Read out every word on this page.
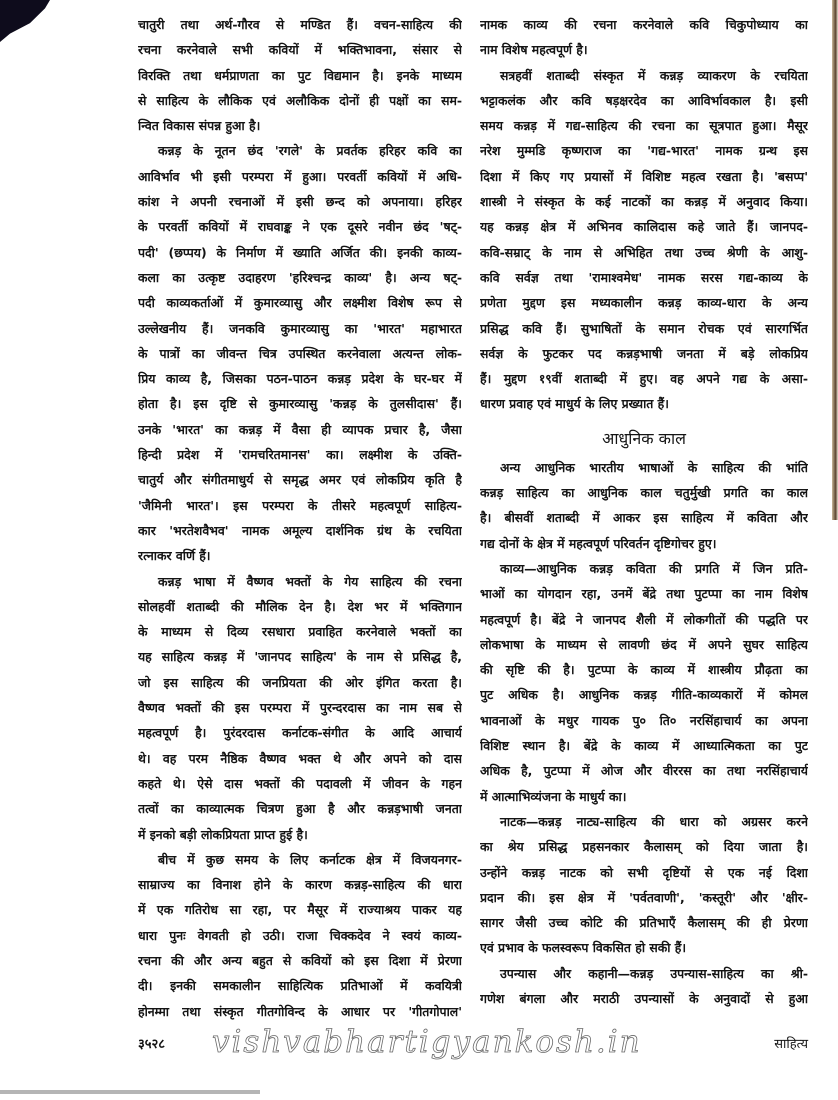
चातुरी तथा अर्थ-गौरव से मण्डित हैं। वचन-साहित्य की
रचना करनेवाले सभी कवियों में भक्तिभावना, संसार से
विरक्ति तथा धर्मप्राणता का पुट विद्यमान है। इनके माध्यम
से साहित्य के लौकिक एवं अलौकिक दोनों ही पक्षों का सम-
न्वित विकास संपन्न हुआ है।
कन्नड़ के नूतन छंद 'रगले' के प्रवर्तक हरिहर कवि का
आविर्भाव भी इसी परम्परा में हुआ। परवर्ती कवियों में अधि-
कांश ने अपनी रचनाओं में इसी छन्द को अपनाया। हरिहर
के परवर्ती कवियों में राघवाङ्क ने एक दूसरे नवीन छंद 'षट्-
पदी' (छप्पय) के निर्माण में ख्याति अर्जित की। इनकी काव्य-
कला का उत्कृष्ट उदाहरण 'हरिश्चन्द्र काव्य' है। अन्य षट्-
पदी काव्यकर्ताओं में कुमारव्यासु और लक्ष्मीश विशेष रूप से
उल्लेखनीय हैं। जनकवि कुमारव्यासु का 'भारत' महाभारत
के पात्रों का जीवन्त चित्र उपस्थित करनेवाला अत्यन्त लोक-
प्रिय काव्य है, जिसका पठन-पाठन कन्नड़ प्रदेश के घर-घर में
होता है। इस दृष्टि से कुमारव्यासु 'कन्नड़ के तुलसीदास' हैं।
उनके 'भारत' का कन्नड़ में वैसा ही व्यापक प्रचार है, जैसा
हिन्दी प्रदेश में 'रामचरितमानस' का। लक्ष्मीश के उक्ति-
चातुर्य और संगीतमाधुर्य से समृद्ध अमर एवं लोकप्रिय कृति है
'जैमिनी भारत'। इस परम्परा के तीसरे महत्वपूर्ण साहित्य-
कार 'भरतेशवैभव' नामक अमूल्य दार्शनिक ग्रंथ के रचयिता
रत्नाकर वर्णि हैं।
कन्नड़ भाषा में वैष्णव भक्तों के गेय साहित्य की रचना
सोलहवीं शताब्दी की मौलिक देन है। देश भर में भक्तिगान
के माध्यम से दिव्य रसधारा प्रवाहित करनेवाले भक्तों का
यह साहित्य कन्नड़ में 'जानपद साहित्य' के नाम से प्रसिद्ध है,
जो इस साहित्य की जनप्रियता की ओर इंगित करता है।
वैष्णव भक्तों की इस परम्परा में पुरन्दरदास का नाम सब से
महत्वपूर्ण है। पुरंदरदास कर्नाटक-संगीत के आदि आचार्य
थे। वह परम नैष्ठिक वैष्णव भक्त थे और अपने को दास
कहते थे। ऐसे दास भक्तों की पदावली में जीवन के गहन
तत्वों का काव्यात्मक चित्रण हुआ है और कन्नड़भाषी जनता
में इनको बड़ी लोकप्रियता प्राप्त हुई है।
बीच में कुछ समय के लिए कर्नाटक क्षेत्र में विजयनगर-
साम्राज्य का विनाश होने के कारण कन्नड़-साहित्य की धारा
में एक गतिरोध सा रहा, पर मैसूर में राज्याश्रय पाकर यह
धारा पुनः वेगवती हो उठी। राजा चिक्कदेव ने स्वयं काव्य-
रचना की और अन्य बहुत से कवियों को इस दिशा में प्रेरणा
दी। इनकी समकालीन साहित्यिक प्रतिभाओं में कवयित्री
होनम्मा तथा संस्कृत गीतगोविन्द के आधार पर 'गीतगोपाल'
नामक काव्य की रचना करनेवाले कवि चिकुपोध्याय का
नाम विशेष महत्वपूर्ण है।
सत्रहवीं शताब्दी संस्कृत में कन्नड़ व्याकरण के रचयिता
भट्टाकलंक और कवि षड़क्षरदेव का आविर्भावकाल है। इसी
समय कन्नड़ में गद्य-साहित्य की रचना का सूत्रपात हुआ। मैसूर
नरेश मुम्मडि कृष्णराज का 'गद्य-भारत' नामक ग्रन्थ इस
दिशा में किए गए प्रयासों में विशिष्ट महत्व रखता है। 'बसप्प'
शास्त्री ने संस्कृत के कई नाटकों का कन्नड़ में अनुवाद किया।
यह कन्नड़ क्षेत्र में अभिनव कालिदास कहे जाते हैं। जानपद-
कवि-सम्राट् के नाम से अभिहित तथा उच्च श्रेणी के आशु-
कवि सर्वज्ञ तथा 'रामाश्वमेध' नामक सरस गद्य-काव्य के
प्रणेता मुद्दण इस मध्यकालीन कन्नड़ काव्य-धारा के अन्य
प्रसिद्ध कवि हैं। सुभाषितों के समान रोचक एवं सारगर्भित
सर्वज्ञ के फुटकर पद कन्नड़भाषी जनता में बड़े लोकप्रिय
हैं। मुद्दण १९वीं शताब्दी में हुए। वह अपने गद्य के असा-
धारण प्रवाह एवं माधुर्य के लिए प्रख्यात हैं।
आधुनिक काल
अन्य आधुनिक भारतीय भाषाओं के साहित्य की भांति
कन्नड़ साहित्य का आधुनिक काल चतुर्मुखी प्रगति का काल
है। बीसवीं शताब्दी में आकर इस साहित्य में कविता और
गद्य दोनों के क्षेत्र में महत्वपूर्ण परिवर्तन दृष्टिगोचर हुए।
काव्य—आधुनिक कन्नड़ कविता की प्रगति में जिन प्रति-
भाओं का योगदान रहा, उनमें बेंद्रे तथा पुटप्पा का नाम विशेष
महत्वपूर्ण है। बेंद्रे ने जानपद शैली में लोकगीतों की पद्धति पर
लोकभाषा के माध्यम से लावणी छंद में अपने सुघर साहित्य
की सृष्टि की है। पुटप्पा के काव्य में शास्त्रीय प्रौढ़ता का
पुट अधिक है। आधुनिक कन्नड़ गीति-काव्यकारों में कोमल
भावनाओं के मधुर गायक पु० ति० नरसिंहाचार्य का अपना
विशिष्ट स्थान है। बेंद्रे के काव्य में आध्यात्मिकता का पुट
अधिक है, पुटप्पा में ओज और वीररस का तथा नरसिंहाचार्य
में आत्माभिव्यंजना के माधुर्य का।
नाटक—कन्नड़ नाट्य-साहित्य की धारा को अग्रसर करने
का श्रेय प्रसिद्ध प्रहसनकार कैलासम् को दिया जाता है।
उन्होंने कन्नड़ नाटक को सभी दृष्टियों से एक नई दिशा
प्रदान की। इस क्षेत्र में 'पर्वतवाणी', 'कस्तूरी' और 'क्षीर-
सागर जैसी उच्च कोटि की प्रतिभाएँ कैलासम् की ही प्रेरणा
एवं प्रभाव के फलस्वरूप विकसित हो सकी हैं।
उपन्यास और कहानी—कन्नड़ उपन्यास-साहित्य का श्री-
गणेश बंगला और मराठी उपन्यासों के अनुवादों से हुआ
३५२८ vishvabhartigyankosh.in	साहित्य
